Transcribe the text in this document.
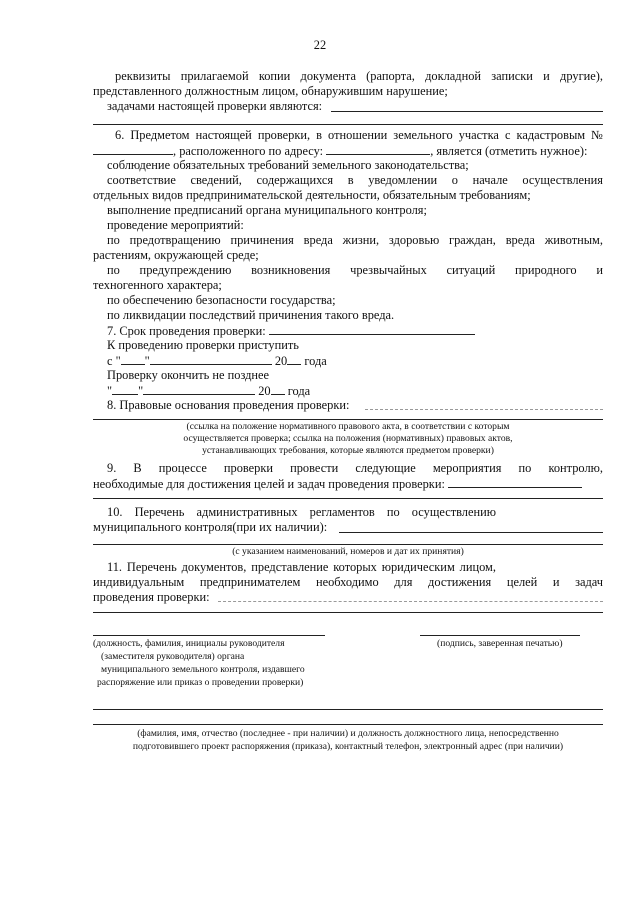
22
реквизиты прилагаемой копии документа (рапорта, докладной записки и другие),
представленного должностным лицом, обнаружившим нарушение;
задачами настоящей проверки являются:
6. Предметом настоящей проверки, в отношении земельного участка с кадастровым №
, расположенного по адресу:	, является (отметить нужное):
соблюдение обязательных требований земельного законодательства;
соответствие сведений, содержащихся в уведомлении о начале осуществления
отдельных видов предпринимательской деятельности, обязательным требованиям;
выполнение предписаний органа муниципального контроля;
проведение мероприятий:
по предотвращению причинения вреда жизни, здоровью граждан, вреда животным,
растениям, окружающей среде;
по предупреждению возникновения чрезвычайных ситуаций природного и
техногенного характера;
по обеспечению безопасности государства;
по ликвидации последствий причинения такого вреда.
7. Срок проведения проверки:
К проведению проверки приступить
с " "	20 года
Проверку окончить не позднее
" "	20 года
8. Правовые основания проведения проверки:
(ссылка на положение нормативного правового акта, в соответствии с которым
осуществляется проверка; ссылка на положения (нормативных) правовых актов,
устанавливающих требования, которые являются предметом проверки)
9. В процессе проверки провести следующие мероприятия по контролю,
необходимые для достижения целей и задач проведения проверки:
10. Перечень административных регламентов по осуществлению
муниципального контроля(при их наличии):
(с указанием наименований, номеров и дат их принятия)
11. Перечень документов, представление которых юридическим лицом,
индивидуальным предпринимателем необходимо для достижения целей и задач
проведения проверки:
(должность, фамилия, инициалы руководителя	(подпись, заверенная печатью)
(заместителя руководителя) органа
муниципального земельного контроля, издавшего
распоряжение или приказ о проведении проверки)
(фамилия, имя, отчество (последнее - при наличии) и должность должностного лица, непосредственно
подготовившего проект распоряжения (приказа), контактный телефон, электронный адрес (при наличии)
